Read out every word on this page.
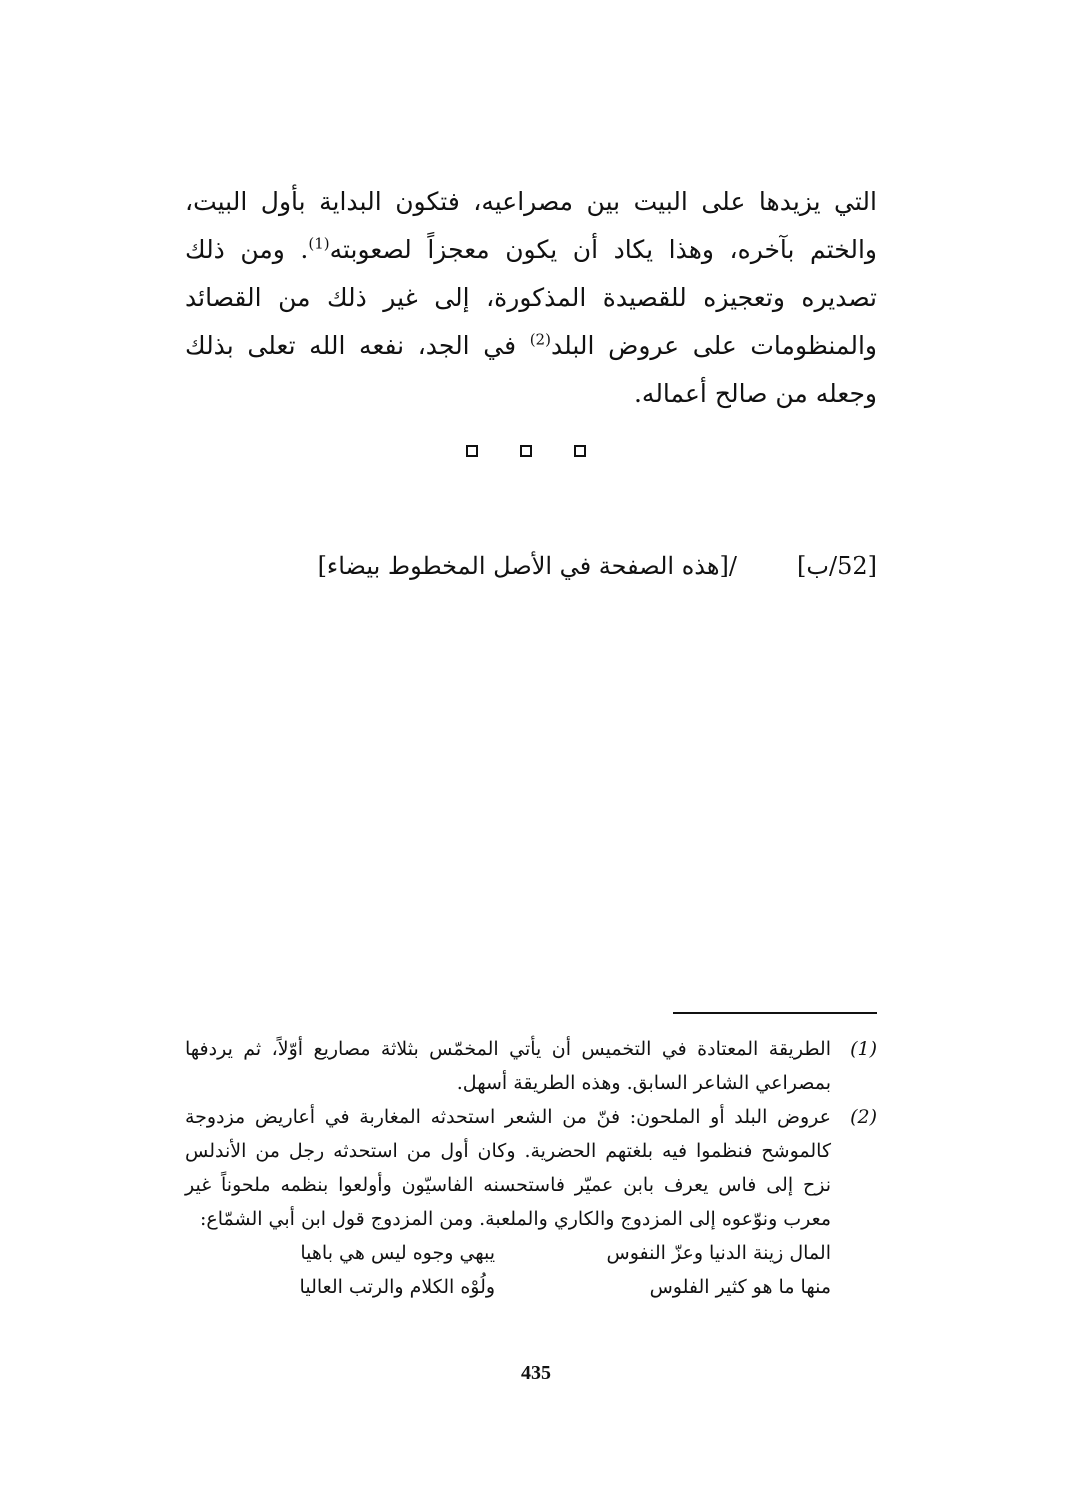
التي يزيدها على البيت بين مصراعيه، فتكون البداية بأول البيت، والختم بآخره، وهذا يكاد أن يكون معجزاً لصعوبته$^{(1)}$. ومن ذلك تصديره وتعجيزه للقصيدة المذكورة، إلى غير ذلك من القصائد والمنظومات على عروض البلد$^{(2)}$ في الجد، نفعه الله تعلى بذلك وجعله من صالح أعماله.

[52/ب]
/[هذه الصفحة في الأصل المخطوط بيضاء]
(1)
الطريقة المعتادة في التخميس أن يأتي المخمّس بثلاثة مصاريع أوّلاً، ثم يردفها بمصراعي الشاعر السابق. وهذه الطريقة أسهل.
(2)
عروض البلد أو الملحون: فنّ من الشعر استحدثه المغاربة في أعاريض مزدوجة كالموشح فنظموا فيه بلغتهم الحضرية. وكان أول من استحدثه رجل من الأندلس نزح إلى فاس يعرف بابن عميّر فاستحسنه الفاسيّون وأولعوا بنظمه ملحوناً غير معرب ونوّعوه إلى المزدوج والكاري والملعبة. ومن المزدوج قول ابن أبي الشمّاع:
المال زينة الدنيا وعزّ النفوس
يبهي وجوه ليس هي باهيا
منها ما هو كثير الفلوس
ولُوْه الكلام والرتب العاليا
435
